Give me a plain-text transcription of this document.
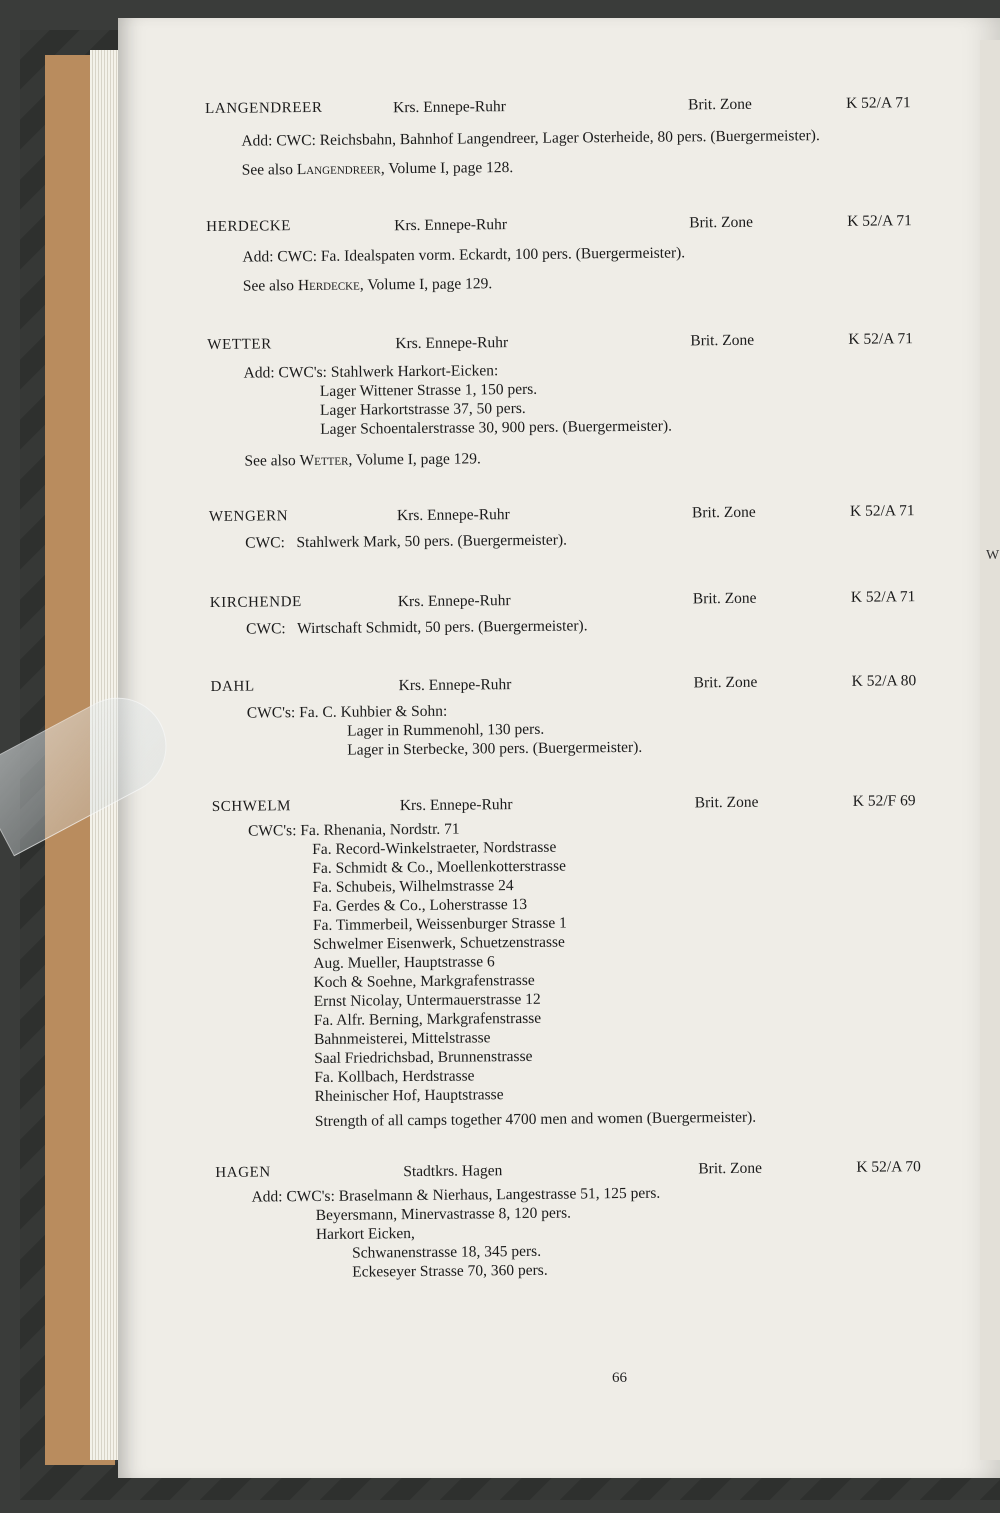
W
LANGENDREER	Krs. Ennepe-Ruhr	Brit. Zone	K 52/A 71
Add: CWC: Reichsbahn, Bahnhof Langendreer, Lager Osterheide, 80 pers. (Buergermeister).
See also Langendreer, Volume I, page 128.
HERDECKE	Krs. Ennepe-Ruhr	Brit. Zone	K 52/A 71
Add: CWC: Fa. Idealspaten vorm. Eckardt, 100 pers. (Buergermeister).
See also Herdecke, Volume I, page 129.
WETTER	Krs. Ennepe-Ruhr	Brit. Zone	K 52/A 71
Add: CWC's: Stahlwerk Harkort-Eicken:
Lager Wittener Strasse 1, 150 pers.
Lager Harkortstrasse 37, 50 pers.
Lager Schoentalerstrasse 30, 900 pers. (Buergermeister).
See also Wetter, Volume I, page 129.
WENGERN	Krs. Ennepe-Ruhr	Brit. Zone	K 52/A 71
CWC:   Stahlwerk Mark, 50 pers. (Buergermeister).
KIRCHENDE	Krs. Ennepe-Ruhr	Brit. Zone	K 52/A 71
CWC:   Wirtschaft Schmidt, 50 pers. (Buergermeister).
DAHL	Krs. Ennepe-Ruhr	Brit. Zone	K 52/A 80
CWC's: Fa. C. Kuhbier & Sohn:
Lager in Rummenohl, 130 pers.
Lager in Sterbecke, 300 pers. (Buergermeister).
SCHWELM	Krs. Ennepe-Ruhr	Brit. Zone	K 52/F 69
CWC's: Fa. Rhenania, Nordstr. 71
Fa. Record-Winkelstraeter, Nordstrasse
Fa. Schmidt & Co., Moellenkotterstrasse
Fa. Schubeis, Wilhelmstrasse 24
Fa. Gerdes & Co., Loherstrasse 13
Fa. Timmerbeil, Weissenburger Strasse 1
Schwelmer Eisenwerk, Schuetzenstrasse
Aug. Mueller, Hauptstrasse 6
Koch & Soehne, Markgrafenstrasse
Ernst Nicolay, Untermauerstrasse 12
Fa. Alfr. Berning, Markgrafenstrasse
Bahnmeisterei, Mittelstrasse
Saal Friedrichsbad, Brunnenstrasse
Fa. Kollbach, Herdstrasse
Rheinischer Hof, Hauptstrasse
Strength of all camps together 4700 men and women (Buergermeister).
HAGEN	Stadtkrs. Hagen	Brit. Zone	K 52/A 70
Add: CWC's: Braselmann & Nierhaus, Langestrasse 51, 125 pers.
Beyersmann, Minervastrasse 8, 120 pers.
Harkort Eicken,
Schwanenstrasse 18, 345 pers.
Eckeseyer Strasse 70, 360 pers.
66
